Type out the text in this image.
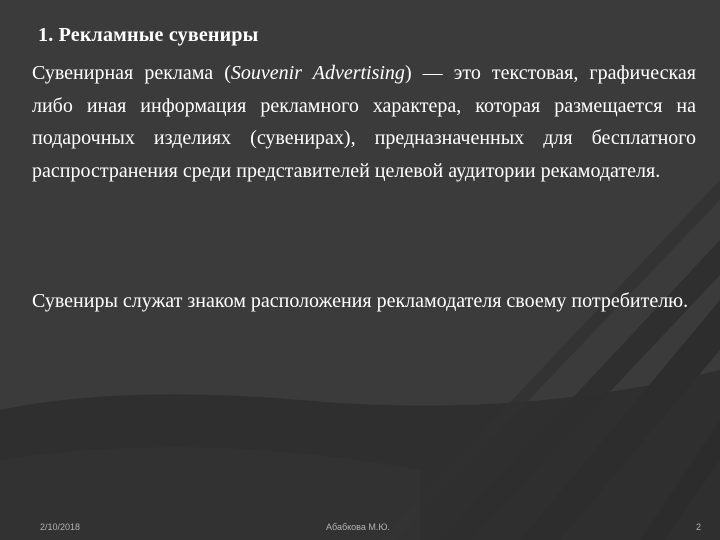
1. Рекламные сувениры

Сувенирная реклама (Souvenir Advertising) — это текстовая, графическая либо иная информация рекламного характера, которая размещается на подарочных изделиях (сувенирах), предназначенных для бесплатного распространения среди представителей целевой аудитории рекамодателя.

Сувениры служат знаком расположения рекламодателя своему потребителю.

2/10/2018	Абабкова М.Ю.	2
